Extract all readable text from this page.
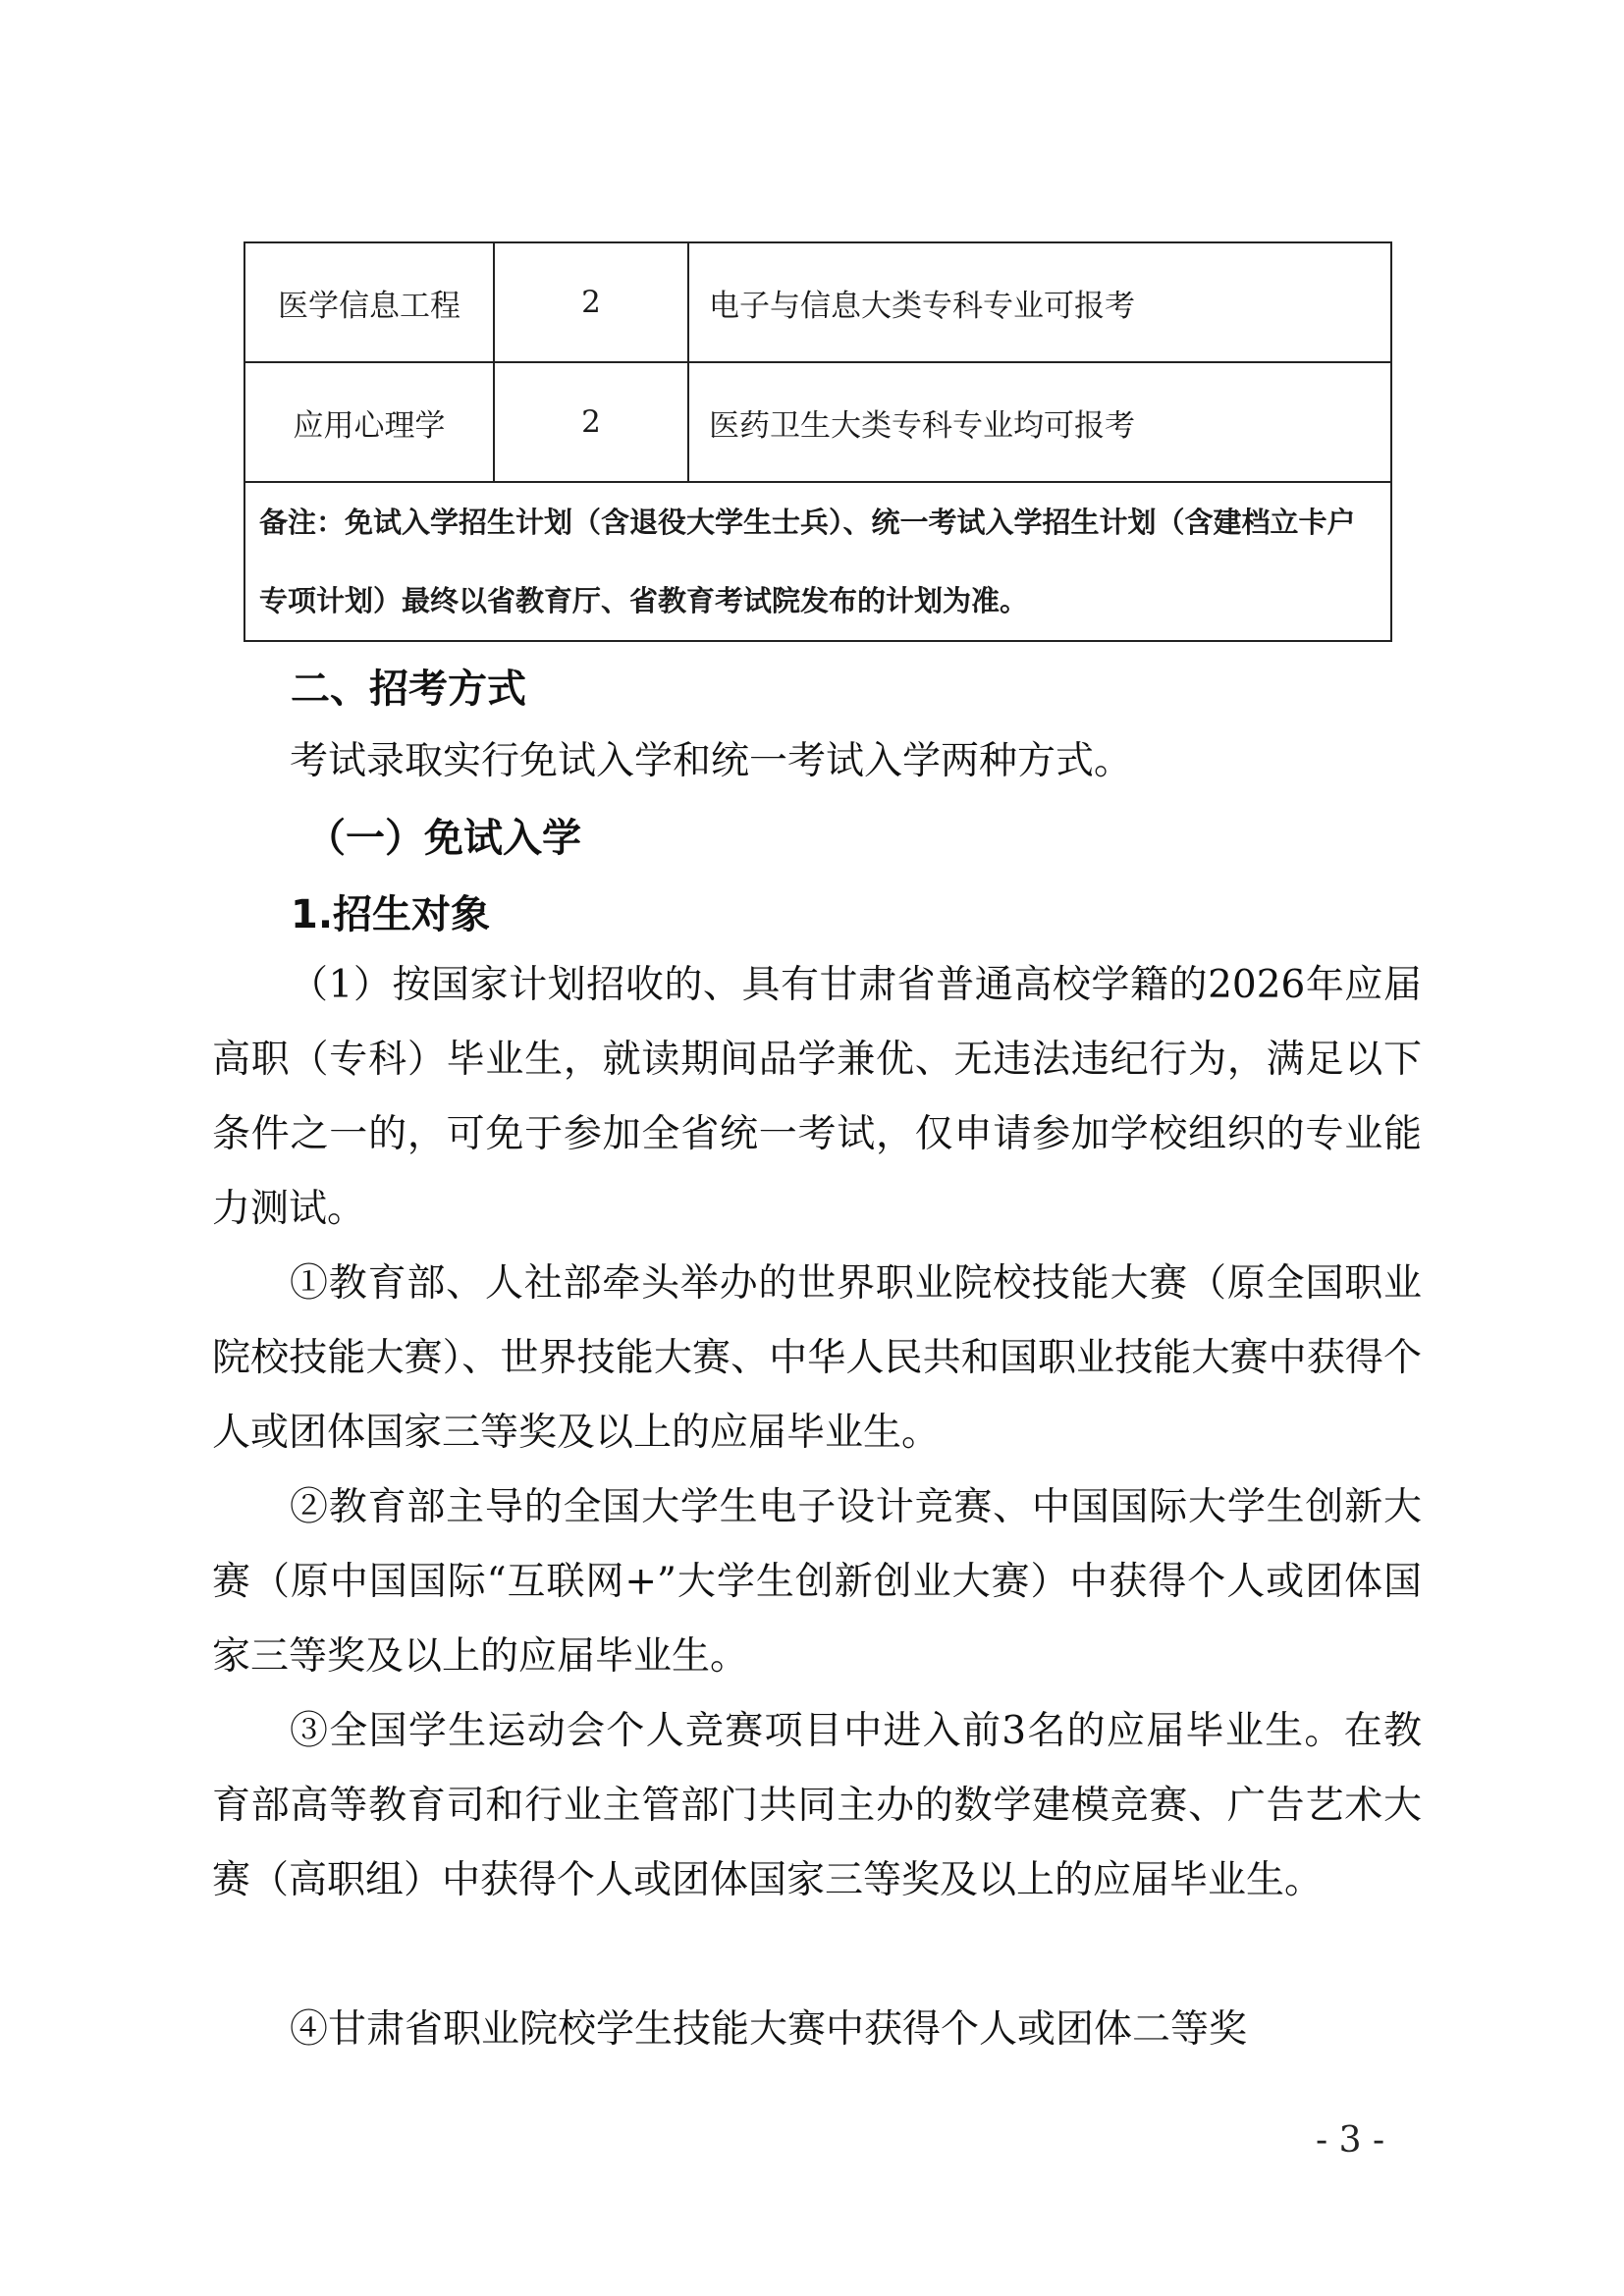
医学信息工程	2	电子与信息大类专科专业可报考
应用心理学	2	医药卫生大类专科专业均可报考
备注：免试入学招生计划（含退役大学生士兵）、统一考试入学招生计划（含建档立卡户专项计划）最终以省教育厅、省教育考试院发布的计划为准。		
二、招考方式

考试录取实行免试入学和统一考试入学两种方式。

（一）免试入学
1.招生对象

（1）按国家计划招收的、具有甘肃省普通高校学籍的2026年应届高职（专科）毕业生，就读期间品学兼优、无违法违纪行为，满足以下条件之一的，可免于参加全省统一考试，仅申请参加学校组织的专业能力测试。

①教育部、人社部牵头举办的世界职业院校技能大赛（原全国职业院校技能大赛）、世界技能大赛、中华人民共和国职业技能大赛中获得个人或团体国家三等奖及以上的应届毕业生。

②教育部主导的全国大学生电子设计竞赛、中国国际大学生创新大赛（原中国国际“互联网+”大学生创新创业大赛）中获得个人或团体国家三等奖及以上的应届毕业生。

③全国学生运动会个人竞赛项目中进入前3名的应届毕业生。在教育部高等教育司和行业主管部门共同主办的数学建模竞赛、广告艺术大赛（高职组）中获得个人或团体国家三等奖及以上的应届毕业生。

④甘肃省职业院校学生技能大赛中获得个人或团体二等奖

- 3 -
